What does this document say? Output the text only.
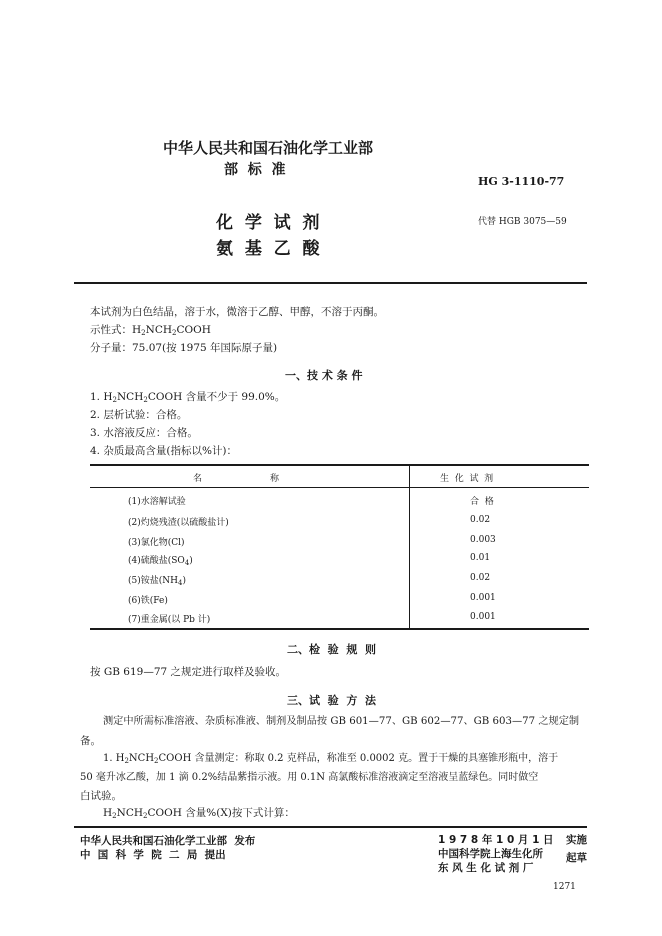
中华人民共和国石油化学工业部
部  标  准
HG 3-1110-77
化  学  试  剂
氨  基  乙  酸
代替 HGB 3075—59
本试剂为白色结晶，溶于水，微溶于乙醇、甲醇，不溶于丙酮。
示性式：$H_2NCH_2COOH$
分子量：75.07(按 1975 年国际原子量)
一、技 术 条 件
1. $H_2NCH_2COOH$ 含量不少于 99.0%。
2. 层析试验：合格。
3. 水溶液反应：合格。
4. 杂质最高含量(指标以%计)：
名	称	生  化  试  剂
(1)水溶解试验	合  格
(2)灼烧残渣(以硫酸盐计)	0.02
(3)氯化物(Cl)	0.003
(4)硫酸盐$(SO_4)$	0.01
(5)铵盐$(NH_4)$	0.02
(6)铁(Fe)	0.001
(7)重金属(以 Pb 计)	0.001
二、检  验  规  则
按 GB 619—77 之规定进行取样及验收。
三、试  验  方  法
测定中所需标准溶液、杂质标准液、制剂及制品按 GB 601—77、GB 602—77、GB 603—77 之规定制
备。
1. $H_2NCH_2COOH$ 含量测定：称取 0.2 克样品，称准至 0.0002 克。置于干燥的具塞锥形瓶中，溶于
50 毫升冰乙酸，加 1 滴 0.2%结晶紫指示液。用 0.1N 高氯酸标准溶液滴定至溶液呈蓝绿色。同时做空
白试验。
$H_2NCH_2COOH$ 含量%(X)按下式计算：
中华人民共和国石油化学工业部  发布
中  国  科  学  院  二  局  提出
1 9 7 8 年 1 0 月 1 日 实施
中国科学院上海生化所
东 风 生 化 试 剂 厂
起草
1271
